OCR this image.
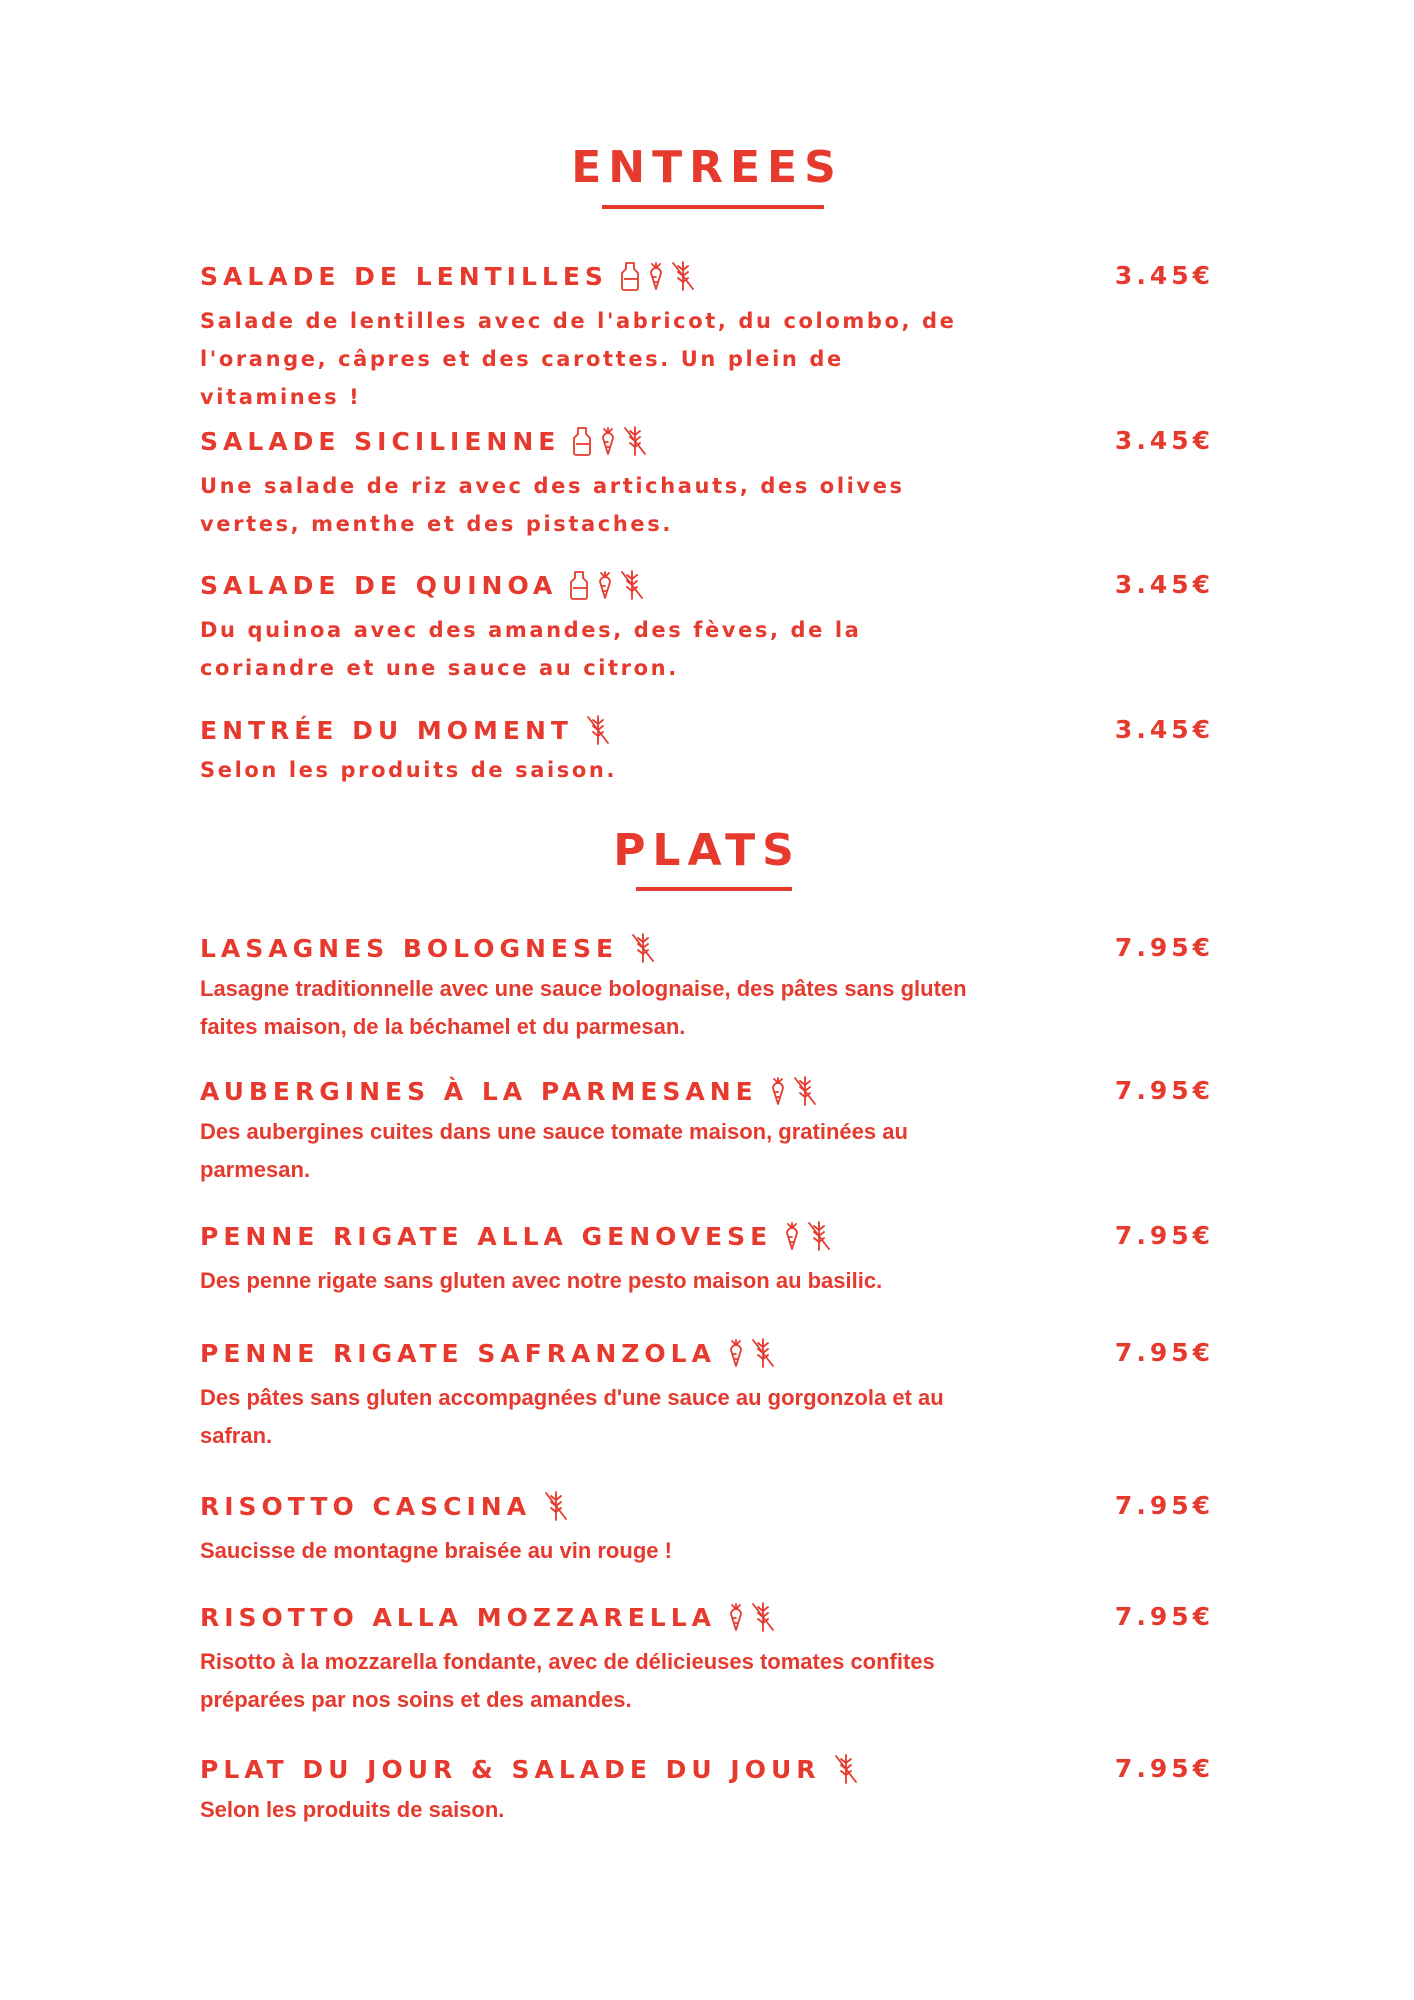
ENTREES
SALADE DE LENTILLES	3.45€
Salade de lentilles avec de l'abricot, du colombo, de l'orange, câpres et des carottes. Un plein de vitamines !
SALADE SICILIENNE	3.45€
Une salade de riz avec des artichauts, des olives vertes, menthe et des pistaches.
SALADE DE QUINOA	3.45€
Du quinoa avec des amandes, des fèves, de la coriandre et une sauce au citron.
ENTRÉE DU MOMENT	3.45€
Selon les produits de saison.
PLATS
LASAGNES BOLOGNESE	7.95€
Lasagne traditionnelle avec une sauce bolognaise, des pâtes sans gluten faites maison, de la béchamel et du parmesan.
AUBERGINES À LA PARMESANE	7.95€
Des aubergines cuites dans une sauce tomate maison, gratinées au parmesan.
PENNE RIGATE ALLA GENOVESE	7.95€
Des penne rigate sans gluten avec notre pesto maison au basilic.
PENNE RIGATE SAFRANZOLA	7.95€
Des pâtes sans gluten accompagnées d'une sauce au gorgonzola et au safran.
RISOTTO CASCINA	7.95€
Saucisse de montagne braisée au vin rouge !
RISOTTO ALLA MOZZARELLA	7.95€
Risotto à la mozzarella fondante, avec de délicieuses tomates confites préparées par nos soins et des amandes.
PLAT DU JOUR & SALADE DU JOUR	7.95€
Selon les produits de saison.
